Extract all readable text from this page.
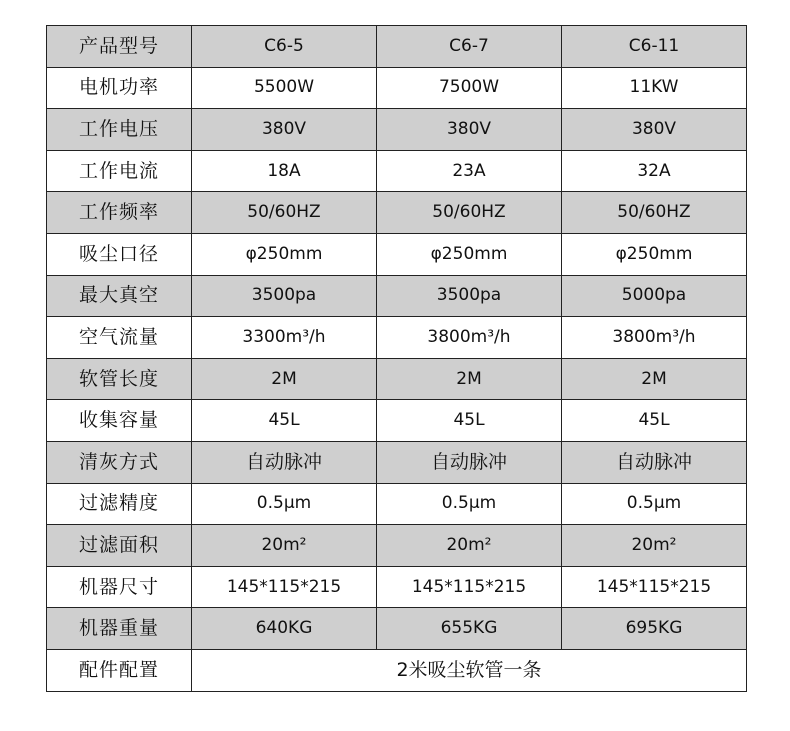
产品型号	C6-5	C6-7	C6-11
电机功率	5500W	7500W	11KW
工作电压	380V	380V	380V
工作电流	18A	23A	32A
工作频率	50/60HZ	50/60HZ	50/60HZ
吸尘口径	φ250mm	φ250mm	φ250mm
最大真空	3500pa	3500pa	5000pa
空气流量	3300m³/h	3800m³/h	3800m³/h
软管长度	2M	2M	2M
收集容量	45L	45L	45L
清灰方式	自动脉冲	自动脉冲	自动脉冲
过滤精度	0.5μm	0.5μm	0.5μm
过滤面积	20m²	20m²	20m²
机器尺寸	145*115*215	145*115*215	145*115*215
机器重量	640KG	655KG	695KG
配件配置	2米吸尘软管一条		
